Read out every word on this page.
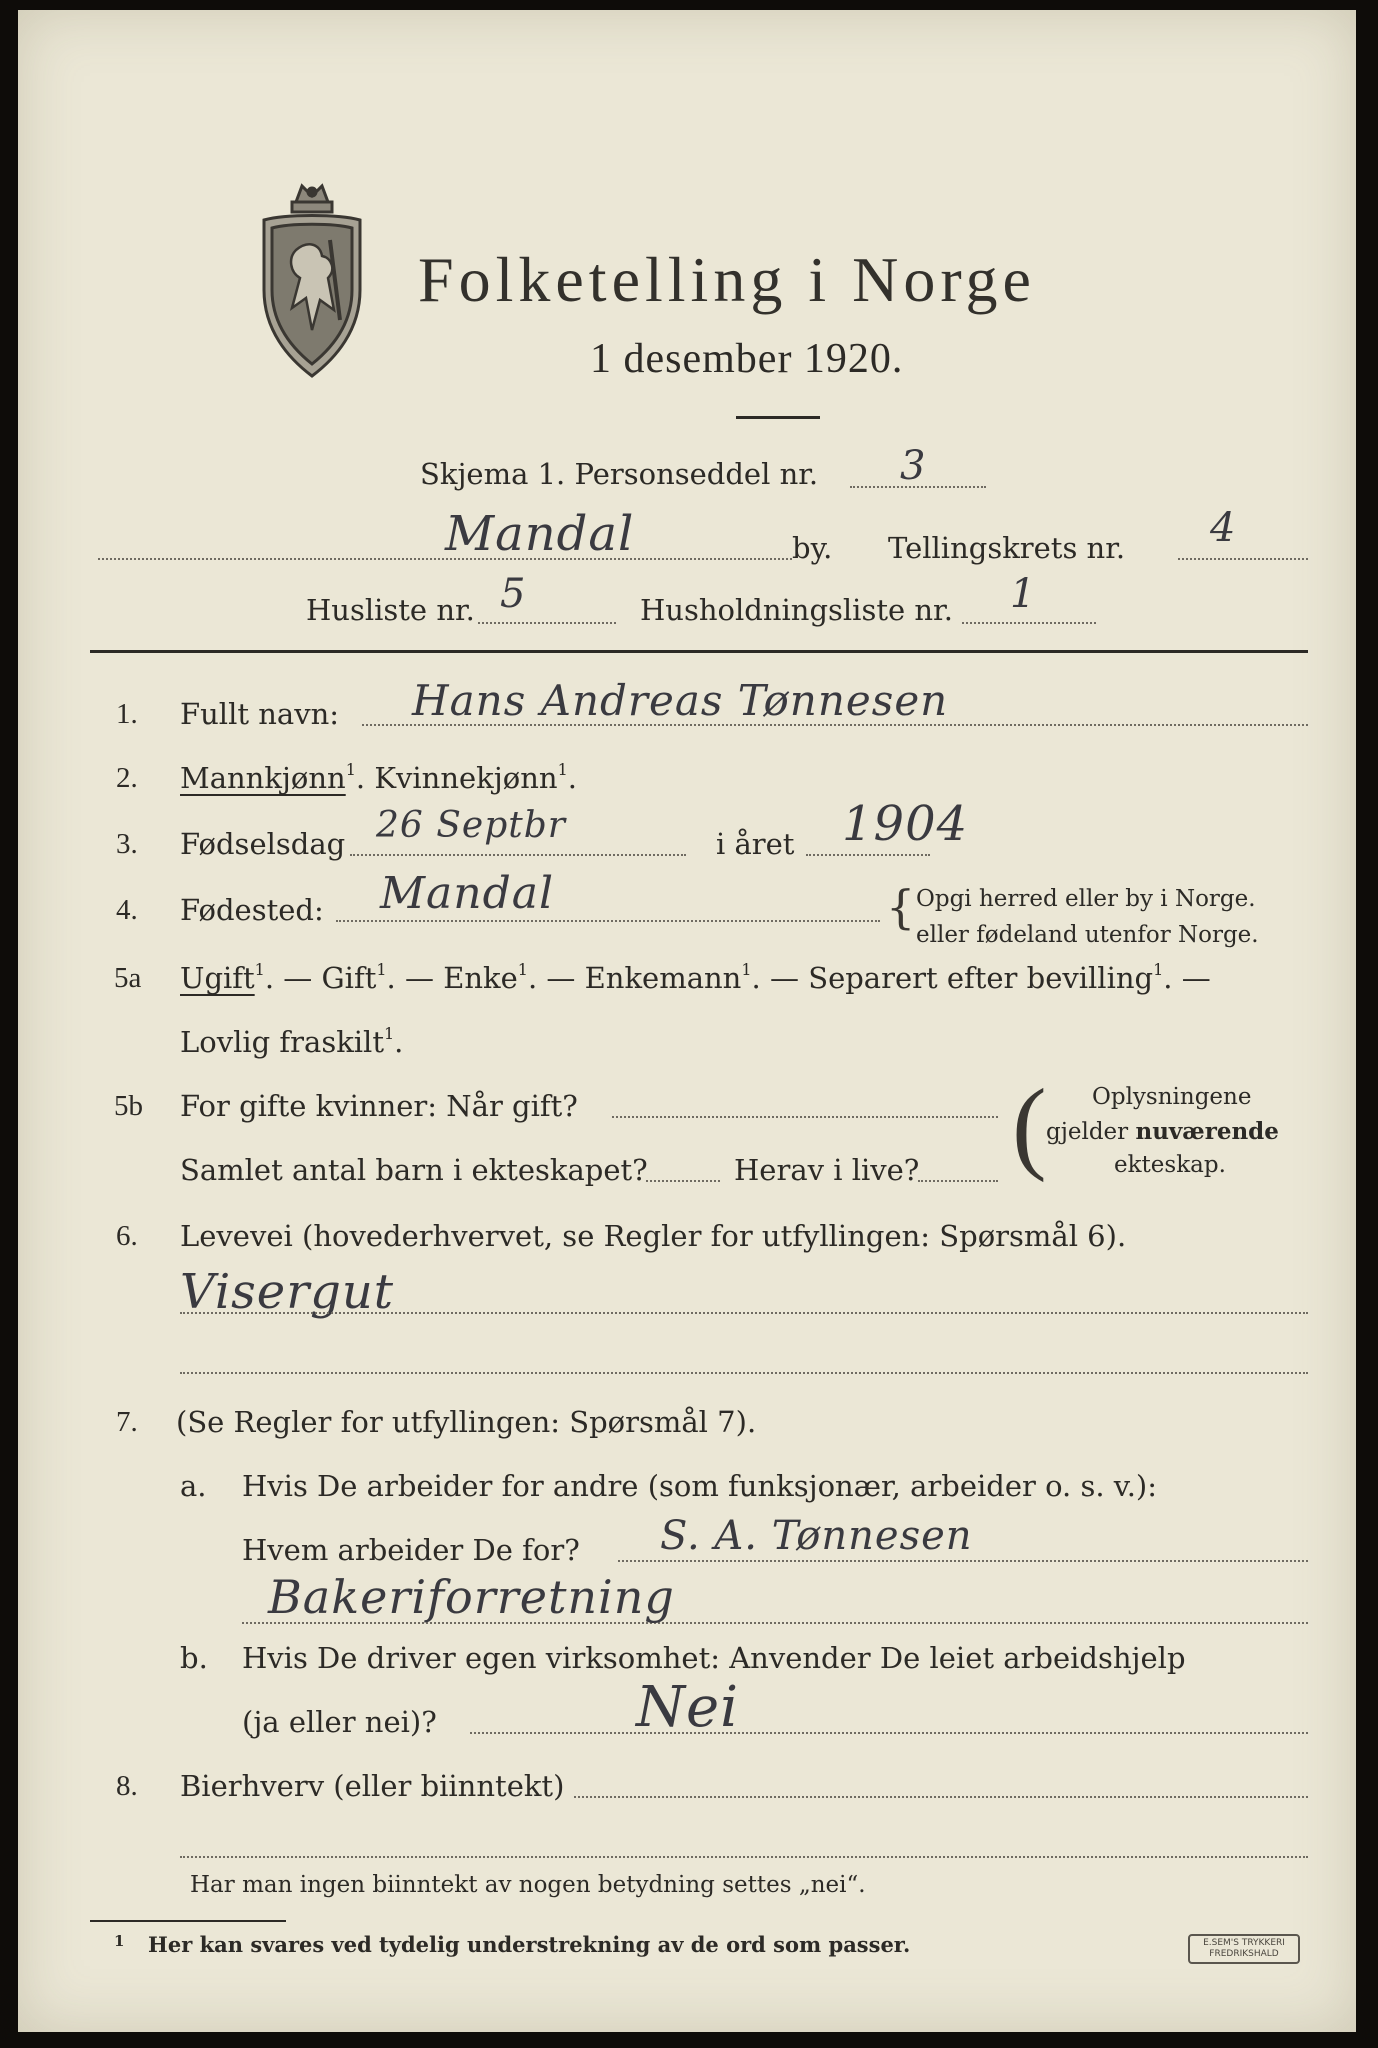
Folketelling i Norge
1 desember 1920.
Skjema 1. Personseddel nr. 3
Mandal	by. Tellingskrets nr. 4
Husliste nr. 5	Husholdningsliste nr. 1
1. Fullt navn: Hans Andreas Tønnesen
2. Mannkjønn$^1$. Kvinnekjønn$^1$.
3. Fødselsdag 26 Septbr	i året 1904
4. Fødested: Mandal	{ Opgi herred eller by i Norge.
eller fødeland utenfor Norge.
5a Ugift$^1$. — Gift$^1$. — Enke$^1$. — Enkemann$^1$. — Separert efter bevilling$^1$. —
Lovlig fraskilt$^1$.
5b For gifte kvinner: Når gift?
Samlet antal barn i ekteskapet?	Herav i live? ( Oplysningene
gjelder nuværende
ekteskap.
6. Levevei (hovederhvervet, se Regler for utfyllingen: Spørsmål 6).
Visergut
7. (Se Regler for utfyllingen: Spørsmål 7).
a. Hvis De arbeider for andre (som funksjonær, arbeider o. s. v.):
Hvem arbeider De for? S. A. Tønnesen
Bakeriforretning
b. Hvis De driver egen virksomhet: Anvender De leiet arbeidshjelp
(ja eller nei)?	Nei
8. Bierhverv (eller biinntekt)
Har man ingen biinntekt av nogen betydning settes „nei“.
1 Her kan svares ved tydelig understrekning av de ord som passer.	E.SEM'S TRYKKERI
FREDRIKSHALD
